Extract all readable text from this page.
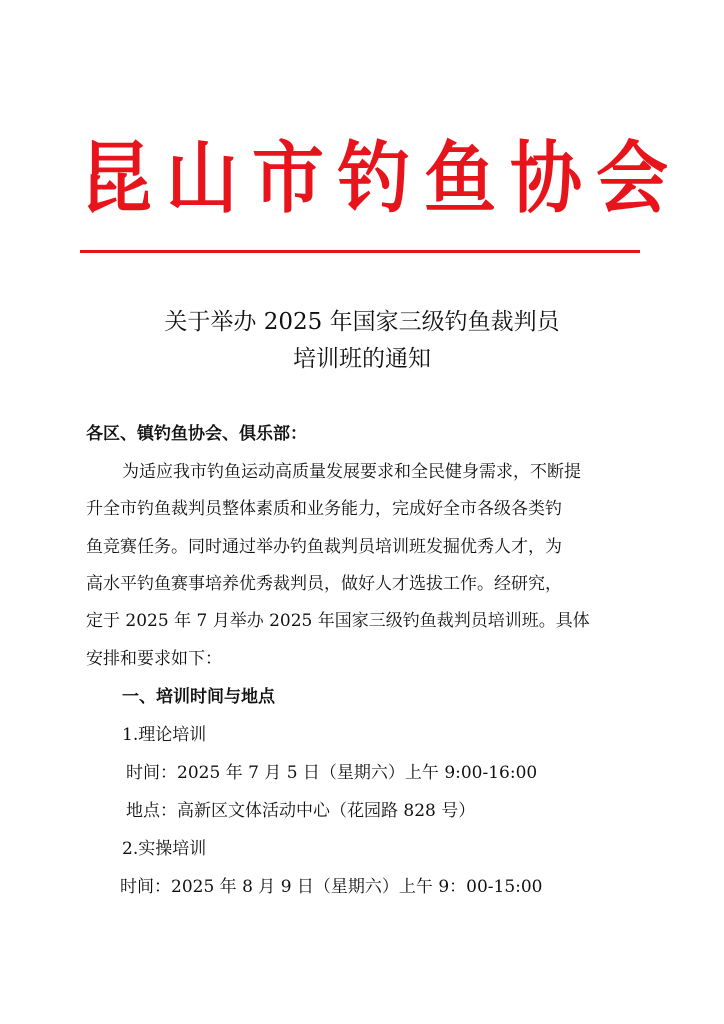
昆山市钓鱼协会
关于举办 2025 年国家三级钓鱼裁判员
培训班的通知
各区、镇钓鱼协会、俱乐部：
为适应我市钓鱼运动高质量发展要求和全民健身需求，不断提
升全市钓鱼裁判员整体素质和业务能力，完成好全市各级各类钓
鱼竞赛任务。同时通过举办钓鱼裁判员培训班发掘优秀人才，为
高水平钓鱼赛事培养优秀裁判员，做好人才选拔工作。经研究，
定于 2025 年 7 月举办 2025 年国家三级钓鱼裁判员培训班。具体
安排和要求如下：
一、培训时间与地点
1.理论培训
时间：2025 年 7 月 5 日（星期六）上午 9:00-16:00
地点：高新区文体活动中心（花园路 828 号）
2.实操培训
时间：2025 年 8 月 9 日（星期六）上午 9：00-15:00
